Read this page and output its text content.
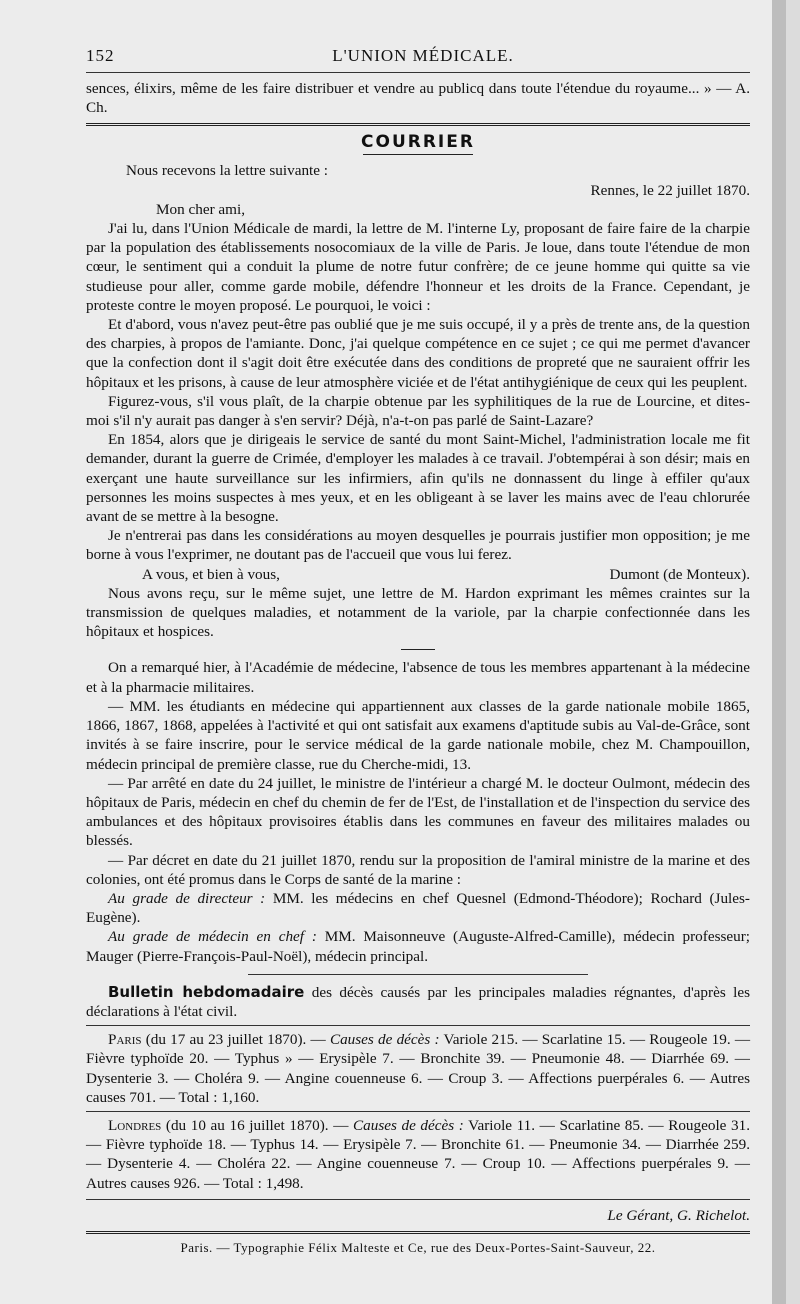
152	L'UNION MÉDICALE.

sences, élixirs, même de les faire distribuer et vendre au publicq dans toute l'étendue du royaume... » — A. Ch.

COURRIER
Nous recevons la lettre suivante :
Rennes, le 22 juillet 1870.

Mon cher ami,

J'ai lu, dans l'Union Médicale de mardi, la lettre de M. l'interne Ly, proposant de faire faire de la charpie par la population des établissements nosocomiaux de la ville de Paris. Je loue, dans toute l'étendue de mon cœur, le sentiment qui a conduit la plume de notre futur confrère; de ce jeune homme qui quitte sa vie studieuse pour aller, comme garde mobile, défendre l'honneur et les droits de la France. Cependant, je proteste contre le moyen proposé. Le pourquoi, le voici :

Et d'abord, vous n'avez peut-être pas oublié que je me suis occupé, il y a près de trente ans, de la question des charpies, à propos de l'amiante. Donc, j'ai quelque compétence en ce sujet ; ce qui me permet d'avancer que la confection dont il s'agit doit être exécutée dans des conditions de propreté que ne sauraient offrir les hôpitaux et les prisons, à cause de leur atmosphère viciée et de l'état antihygiénique de ceux qui les peuplent.

Figurez-vous, s'il vous plaît, de la charpie obtenue par les syphilitiques de la rue de Lourcine, et dites-moi s'il n'y aurait pas danger à s'en servir? Déjà, n'a-t-on pas parlé de Saint-Lazare?

En 1854, alors que je dirigeais le service de santé du mont Saint-Michel, l'administration locale me fit demander, durant la guerre de Crimée, d'employer les malades à ce travail. J'obtempérai à son désir; mais en exerçant une haute surveillance sur les infirmiers, afin qu'ils ne donnassent du linge à effiler qu'aux personnes les moins suspectes à mes yeux, et en les obligeant à se laver les mains avec de l'eau chlorurée avant de se mettre à la besogne.

Je n'entrerai pas dans les considérations au moyen desquelles je pourrais justifier mon opposition; je me borne à vous l'exprimer, ne doutant pas de l'accueil que vous lui ferez.

A vous, et bien à vous,	Dumont (de Monteux).

Nous avons reçu, sur le même sujet, une lettre de M. Hardon exprimant les mêmes craintes sur la transmission de quelques maladies, et notamment de la variole, par la charpie confectionnée dans les hôpitaux et hospices.

On a remarqué hier, à l'Académie de médecine, l'absence de tous les membres appartenant à la médecine et à la pharmacie militaires.

— MM. les étudiants en médecine qui appartiennent aux classes de la garde nationale mobile 1865, 1866, 1867, 1868, appelées à l'activité et qui ont satisfait aux examens d'aptitude subis au Val-de-Grâce, sont invités à se faire inscrire, pour le service médical de la garde nationale mobile, chez M. Champouillon, médecin principal de première classe, rue du Cherche-midi, 13.

— Par arrêté en date du 24 juillet, le ministre de l'intérieur a chargé M. le docteur Oulmont, médecin des hôpitaux de Paris, médecin en chef du chemin de fer de l'Est, de l'installation et de l'inspection du service des ambulances et des hôpitaux provisoires établis dans les communes en faveur des militaires malades ou blessés.

— Par décret en date du 21 juillet 1870, rendu sur la proposition de l'amiral ministre de la marine et des colonies, ont été promus dans le Corps de santé de la marine :

Au grade de directeur : MM. les médecins en chef Quesnel (Edmond-Théodore); Rochard (Jules-Eugène).

Au grade de médecin en chef : MM. Maisonneuve (Auguste-Alfred-Camille), médecin professeur; Mauger (Pierre-François-Paul-Noël), médecin principal.

Bulletin hebdomadaire des décès causés par les principales maladies régnantes, d'après les déclarations à l'état civil.

Paris (du 17 au 23 juillet 1870). — Causes de décès : Variole 215. — Scarlatine 15. — Rougeole 19. — Fièvre typhoïde 20. — Typhus » — Erysipèle 7. — Bronchite 39. — Pneumonie 48. — Diarrhée 69. — Dysenterie 3. — Choléra 9. — Angine couenneuse 6. — Croup 3. — Affections puerpérales 6. — Autres causes 701. — Total : 1,160.

Londres (du 10 au 16 juillet 1870). — Causes de décès : Variole 11. — Scarlatine 85. — Rougeole 31. — Fièvre typhoïde 18. — Typhus 14. — Erysipèle 7. — Bronchite 61. — Pneumonie 34. — Diarrhée 259. — Dysenterie 4. — Choléra 22. — Angine couenneuse 7. — Croup 10. — Affections puerpérales 9. — Autres causes 926. — Total : 1,498.

Le Gérant, G. Richelot.
Paris. — Typographie Félix Malteste et Ce, rue des Deux-Portes-Saint-Sauveur, 22.
